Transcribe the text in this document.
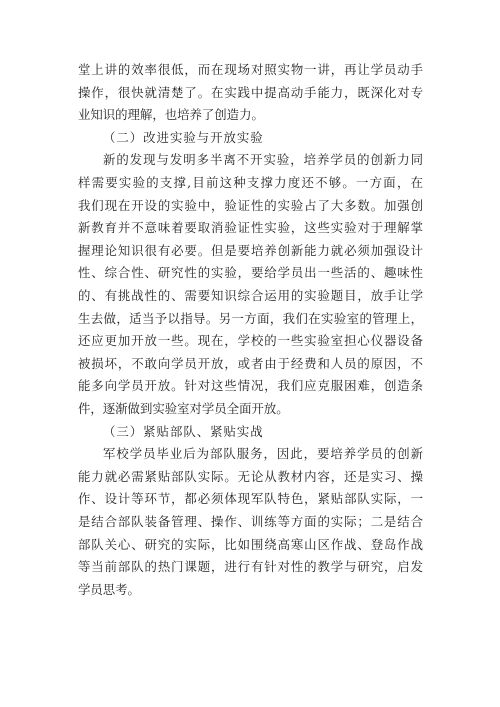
堂上讲的效率很低，而在现场对照实物一讲，再让学员动手
操作，很快就清楚了。在实践中提高动手能力，既深化对专
业知识的理解，也培养了创造力。
（二）改进实验与开放实验
新的发现与发明多半离不开实验，培养学员的创新力同
样需要实验的支撑,目前这种支撑力度还不够。一方面，在
我们现在开设的实验中，验证性的实验占了大多数。加强创
新教育并不意味着要取消验证性实验，这些实验对于理解掌
握理论知识很有必要。但是要培养创新能力就必须加强设计
性、综合性、研究性的实验，要给学员出一些活的、趣味性
的、有挑战性的、需要知识综合运用的实验题目，放手让学
生去做，适当予以指导。另一方面，我们在实验室的管理上，
还应更加开放一些。现在，学校的一些实验室担心仪器设备
被损坏，不敢向学员开放，或者由于经费和人员的原因，不
能多向学员开放。针对这些情况，我们应克服困难，创造条
件，逐渐做到实验室对学员全面开放。
（三）紧贴部队、紧贴实战
军校学员毕业后为部队服务，因此，要培养学员的创新
能力就必需紧贴部队实际。无论从教材内容，还是实习、操
作、设计等环节，都必须体现军队特色，紧贴部队实际，一
是结合部队装备管理、操作、训练等方面的实际；二是结合
部队关心、研究的实际，比如围绕高寒山区作战、登岛作战
等当前部队的热门课题，进行有针对性的教学与研究，启发
学员思考。
